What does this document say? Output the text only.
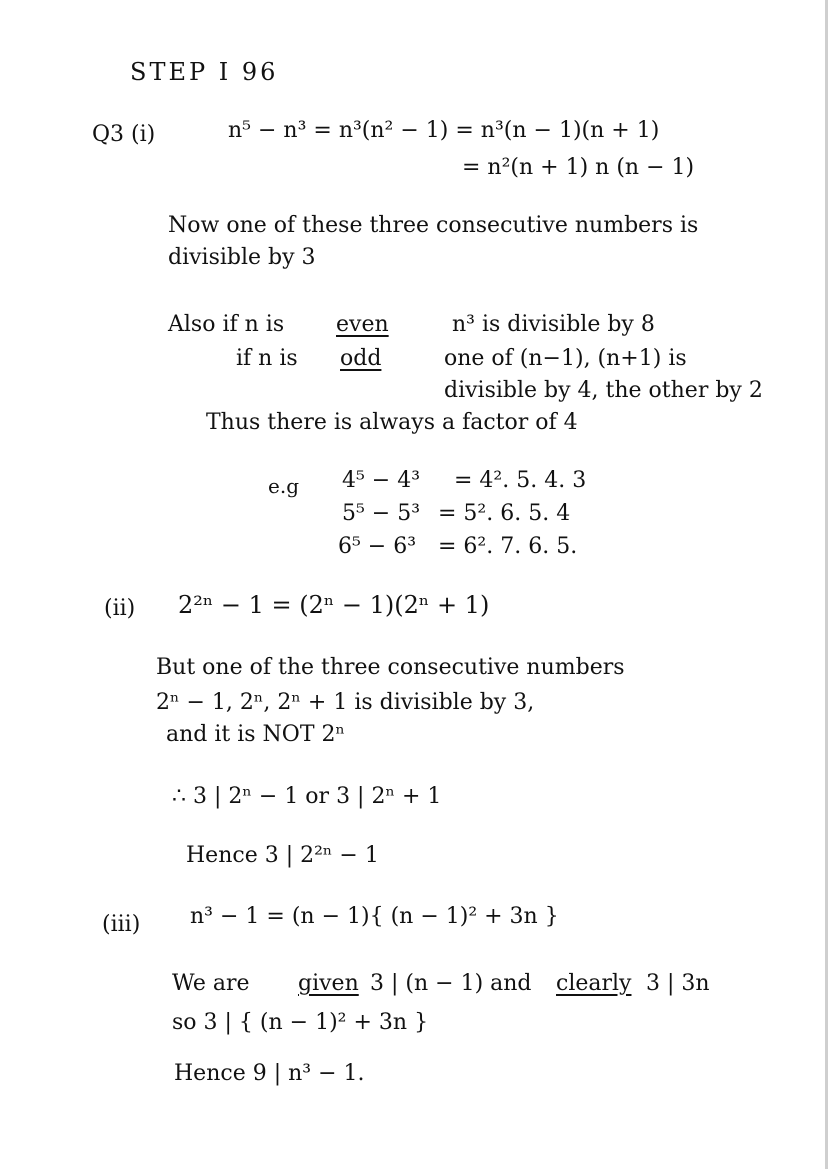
STEP I 96
Q3 (i)	n⁵ − n³ = n³(n² − 1) = n³(n − 1)(n + 1)
= n²(n + 1) n (n − 1)
Now one of these three consecutive numbers is
divisible by 3
Also if n is even	n³ is divisible by 8
if n is odd	one of (n−1), (n+1) is
divisible by 4, the other by 2
Thus there is always a factor of 4
e.g 4⁵ − 4³ = 4². 5. 4. 3
5⁵ − 5³ = 5². 6. 5. 4
6⁵ − 6³ = 6². 7. 6. 5.
(ii) 2²ⁿ − 1 = (2ⁿ − 1)(2ⁿ + 1)
But one of the three consecutive numbers
2ⁿ − 1, 2ⁿ, 2ⁿ + 1 is divisible by 3,
and it is NOT 2ⁿ
∴ 3 | 2ⁿ − 1 or 3 | 2ⁿ + 1
Hence 3 | 2²ⁿ − 1
(iii) n³ − 1 = (n − 1){ (n − 1)² + 3n }
We are given 3 | (n − 1) and clearly 3 | 3n
so 3 | { (n − 1)² + 3n }
Hence 9 | n³ − 1.
